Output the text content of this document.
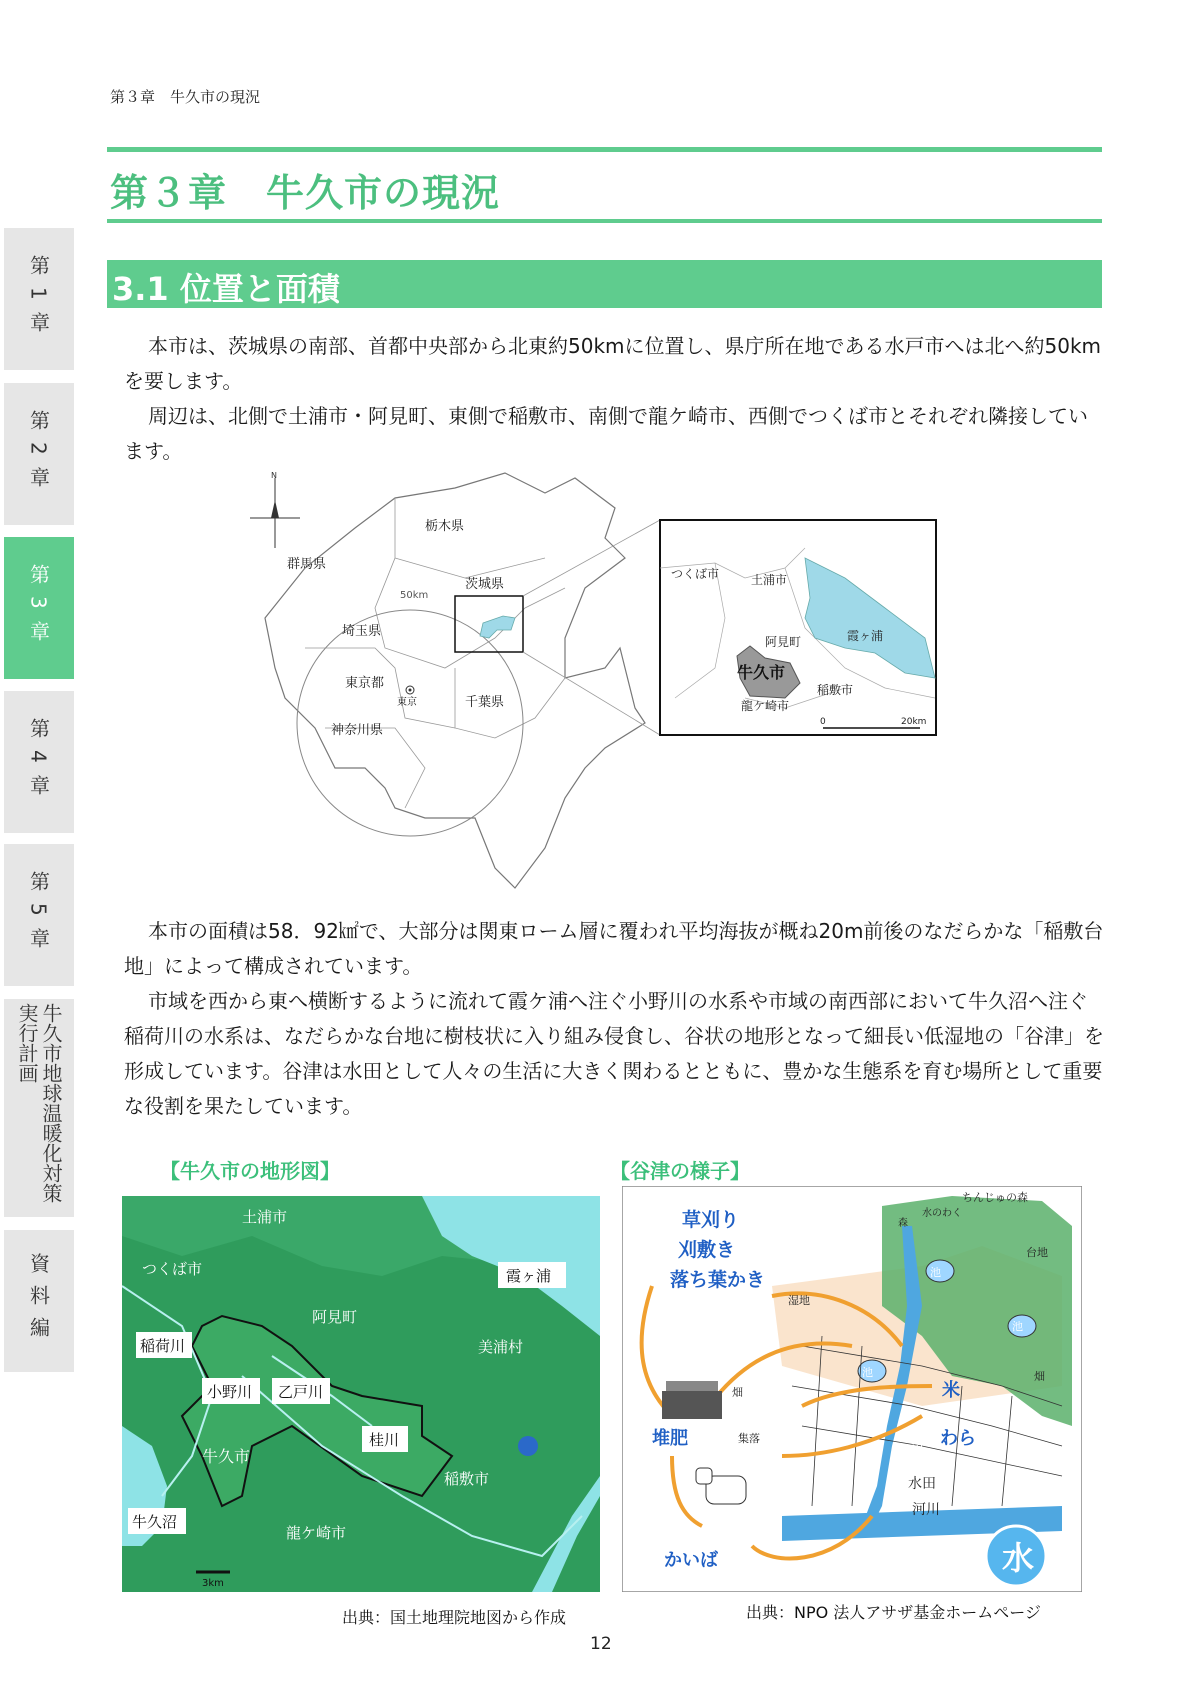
第３章　牛久市の現況
第３章　牛久市の現況
3.1 位置と面積
第1章
第2章
第3章
第4章
第5章
牛久市地球温暖化対策実行計画
資料編

本市は、茨城県の南部、首都中央部から北東約50kmに位置し、県庁所在地である水戸市へは北へ約50kmを要します。

周辺は、北側で土浦市・阿見町、東側で稲敷市、南側で龍ケ崎市、西側でつくば市とそれぞれ隣接しています。

N
50km
栃木県
群馬県
茨城県
埼玉県
東京都
東京	千葉県
神奈川県
つくば市	土浦市
阿見町
牛久市
霞ヶ浦
稲敷市
龍ケ崎市
0	20km

本市の面積は58．92㎢で、大部分は関東ローム層に覆われ平均海抜が概ね20m前後のなだらかな「稲敷台地」によって構成されています。

市域を西から東へ横断するように流れて霞ケ浦へ注ぐ小野川の水系や市域の南西部において牛久沼へ注ぐ稲荷川の水系は、なだらかな台地に樹枝状に入り組み侵食し、谷状の地形となって細長い低湿地の「谷津」を形成しています。谷津は水田として人々の生活に大きく関わるとともに、豊かな生態系を育む場所として重要な役割を果たしています。

【牛久市の地形図】	【谷津の様子】
3km
土浦市
つくば市	霞ヶ浦
阿見町
稲荷川	美浦村
小野川 乙戸川
桂川
牛久市
稲敷市
牛久沼
龍ケ崎市
水
ちんじゅの森
草刈り
刈敷き
落ち葉かき
湿地
台地
池
池
池	畑
畑
集落
堆肥
米
わら
小川
水田
河川
かいば
森
水のわく
出典：国土地理院地図から作成	出典：NPO 法人アサザ基金ホームページ
12
